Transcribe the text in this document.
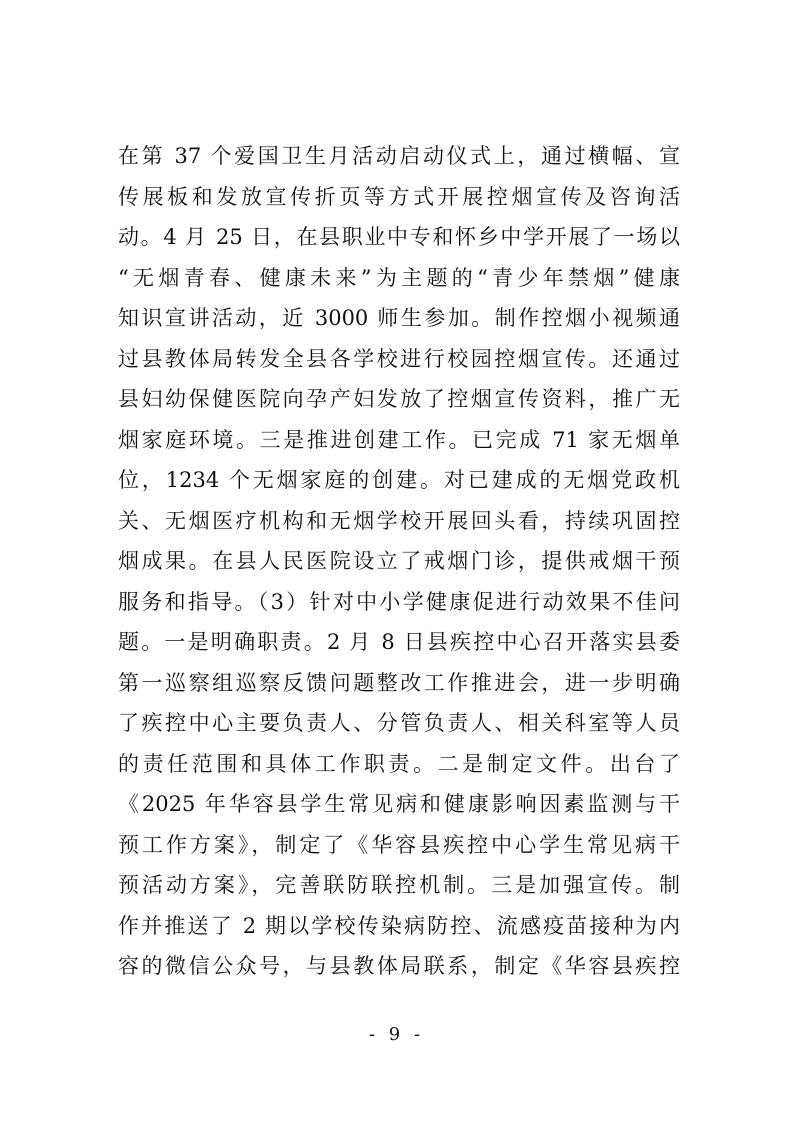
在第 37 个爱国卫生月活动启动仪式上，通过横幅、宣
传展板和发放宣传折页等方式开展控烟宣传及咨询活
动。4 月 25 日，在县职业中专和怀乡中学开展了一场以
“无烟青春、健康未来”为主题的“青少年禁烟”健康
知识宣讲活动，近 3000 师生参加。制作控烟小视频通
过县教体局转发全县各学校进行校园控烟宣传。还通过
县妇幼保健医院向孕产妇发放了控烟宣传资料，推广无
烟家庭环境。三是推进创建工作。已完成 71 家无烟单
位，1234 个无烟家庭的创建。对已建成的无烟党政机
关、无烟医疗机构和无烟学校开展回头看，持续巩固控
烟成果。在县人民医院设立了戒烟门诊，提供戒烟干预
服务和指导。（3）针对中小学健康促进行动效果不佳问
题。一是明确职责。2 月 8 日县疾控中心召开落实县委
第一巡察组巡察反馈问题整改工作推进会，进一步明确
了疾控中心主要负责人、分管负责人、相关科室等人员
的责任范围和具体工作职责。二是制定文件。出台了
《2025 年华容县学生常见病和健康影响因素监测与干
预工作方案》，制定了《华容县疾控中心学生常见病干
预活动方案》，完善联防联控机制。三是加强宣传。制
作并推送了 2 期以学校传染病防控、流感疫苗接种为内
容的微信公众号，与县教体局联系，制定《华容县疾控
- 9 -
